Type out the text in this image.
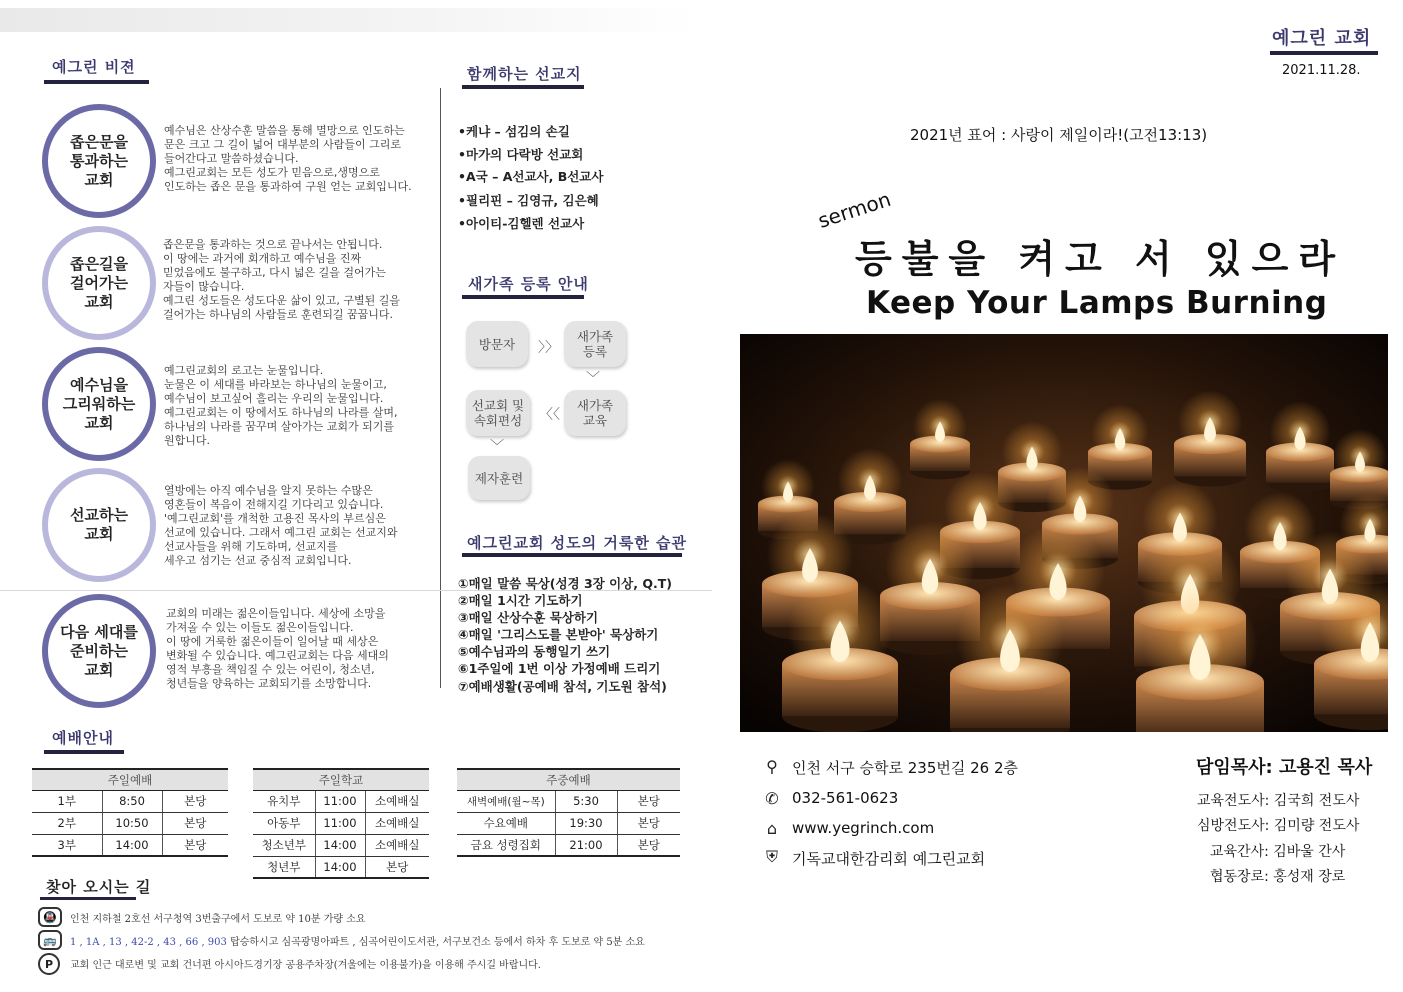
예그린 비젼
좁은문을
통과하는
교회
예수님은 산상수훈 말씀을 통해 멸망으로 인도하는
문은 크고 그 길이 넓어 대부분의 사람들이 그리로
들어간다고 말씀하셨습니다.
예그린교회는 모든 성도가 믿음으로,생명으로
인도하는 좁은 문을 통과하여 구원 얻는 교회입니다.
좁은길을
걸어가는
교회
좁은문을 통과하는 것으로 끝나서는 안됩니다.
이 땅에는 과거에 회개하고 예수님을 진짜
믿었음에도 불구하고, 다시 넓은 길을 걸어가는
자들이 많습니다.
예그린 성도들은 성도다운 삶이 있고, 구별된 길을
걸어가는 하나님의 사람들로 훈련되길 꿈꿉니다.
예수님을
그리워하는
교회
예그린교회의 로고는 눈물입니다.
눈물은 이 세대를 바라보는 하나님의 눈물이고,
예수님이 보고싶어 흘리는 우리의 눈물입니다.
예그린교회는 이 땅에서도 하나님의 나라를 살며,
하나님의 나라를 꿈꾸며 살아가는 교회가 되기를
원합니다.
선교하는
교회
열방에는 아직 예수님을 알지 못하는 수많은
영혼들이 복음이 전해지길 기다리고 있습니다.
'예그린교회'를 개척한 고용진 목사의 부르심은
선교에 있습니다. 그래서 예그린 교회는 선교지와
선교사들을 위해 기도하며, 선교지를
세우고 섬기는 선교 중심적 교회입니다.
다음 세대를
준비하는
교회
교회의 미래는 젊은이들입니다. 세상에 소망을
가져올 수 있는 이들도 젊은이들입니다.
이 땅에 거룩한 젊은이들이 일어날 때 세상은
변화될 수 있습니다. 예그린교회는 다음 세대의
영적 부흥을 책임질 수 있는 어린이, 청소년,
청년들을 양육하는 교회되기를 소망합니다.
함께하는 선교지
•케냐 – 섬김의 손길
•마가의 다락방 선교회
•A국 – A선교사, B선교사
•필리핀 – 김영규, 김은혜
•아이티-김헬렌 선교사
새가족 등록 안내
방문자	〉〉
새가족
등록
﹀
새가족
교육
〈〈
선교회 및
속회편성
﹀
제자훈련
예그린교회 성도의 거룩한 습관
①매일 말씀 묵상(성경 3장 이상, Q.T)
②매일 1시간 기도하기
③매일 산상수훈 묵상하기
④매일 '그리스도를 본받아' 묵상하기
⑤예수님과의 동행일기 쓰기
⑥1주일에 1번 이상 가정예배 드리기
⑦예배생활(공예배 참석, 기도원 참석)
예배안내
주일예배		
1부	8:50	본당
2부	10:50	본당
3부	14:00	본당
주일학교		
유치부	11:00	소예배실
아동부	11:00	소예배실
청소년부	14:00	소예배실
청년부	14:00	본당
주중예배		
새벽예배(월~목)	5:30	본당
수요예배	19:30	본당
금요 성령집회	21:00	본당
찾아 오시는 길
🚇	인천 지하철 2호선 서구청역 3번출구에서 도보로 약 10분 가량 소요
🚌	1 , 1A , 13 , 42-2 , 43 , 66 , 903 탑승하시고 심곡광명아파트 , 심곡어린이도서관, 서구보건소 등에서 하차 후 도보로 약 5분 소요
P	교회 인근 대로변 및 교회 건너편 아시아드경기장 공용주차장(겨울에는 이용불가)을 이용해 주시길 바랍니다.
예그린 교회
2021.11.28.
2021년 표어 : 사랑이 제일이라!(고전13:13)
sermon
등불을 켜고 서 있으라
Keep Your Lamps Burning
⚲ 인천 서구 승학로 235번길 26 2층
✆ 032-561-0623
⌂ www.yegrinch.com
⛨ 기독교대한감리회 예그린교회
담임목사: 고용진 목사
교육전도사: 김국희 전도사
심방전도사: 김미량 전도사
교육간사: 김바울 간사
협동장로: 홍성재 장로
